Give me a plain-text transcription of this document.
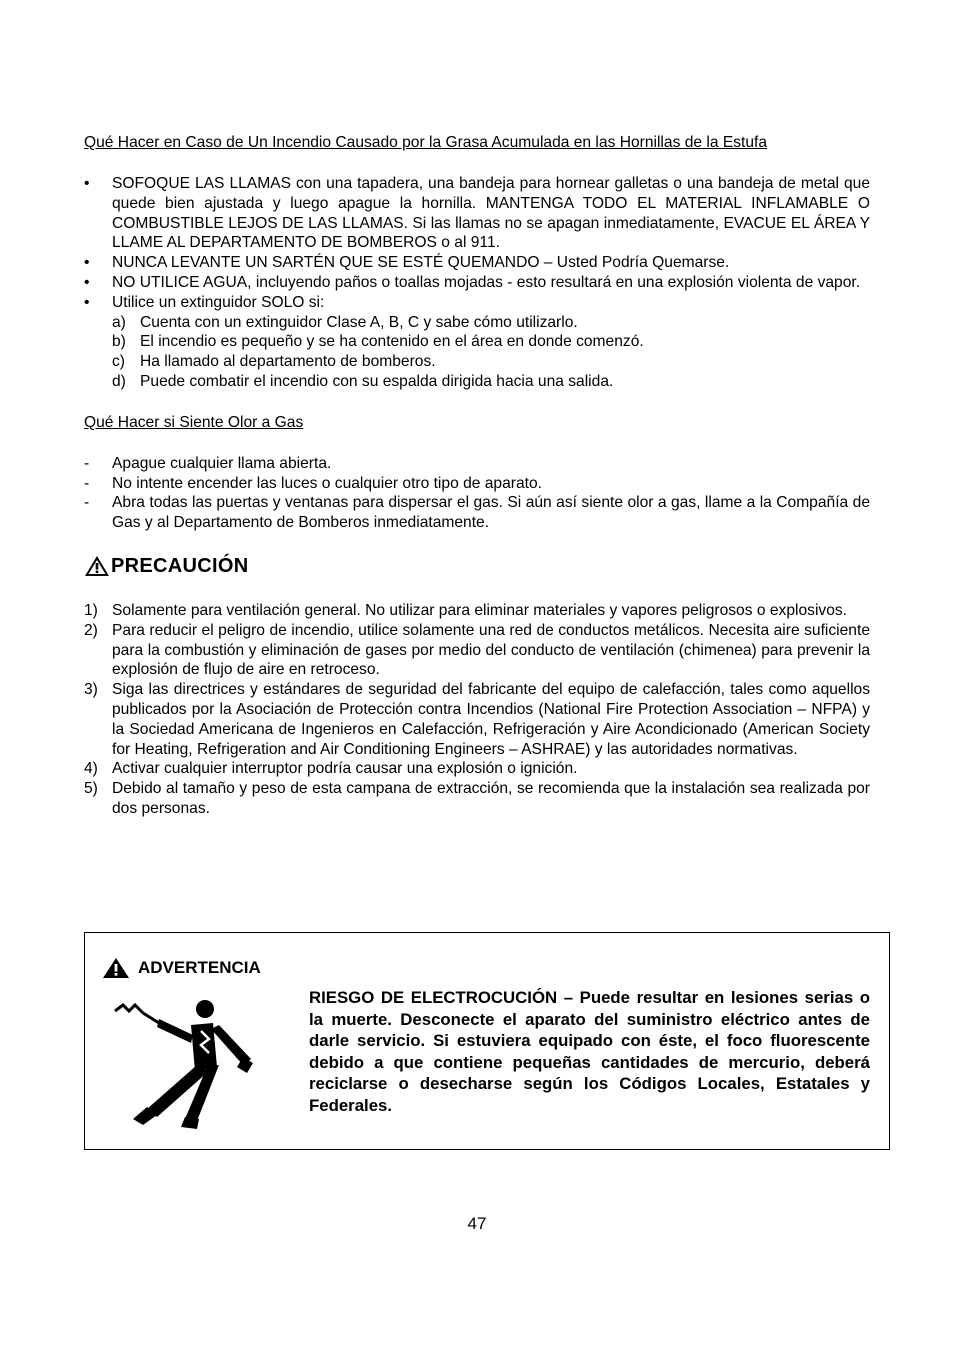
Qué Hacer en Caso de Un Incendio Causado por la Grasa Acumulada en las Hornillas de la Estufa

• SOFOQUE LAS LLAMAS con una tapadera, una bandeja para hornear galletas o una bandeja de metal que quede bien ajustada y luego apague la hornilla. MANTENGA TODO EL MATERIAL INFLAMABLE O COMBUSTIBLE LEJOS DE LAS LLAMAS. Si las llamas no se apagan inmediatamente, EVACUE EL ÁREA Y LLAME AL DEPARTAMENTO DE BOMBEROS o al 911.
• NUNCA LEVANTE UN SARTÉN QUE SE ESTÉ QUEMANDO – Usted Podría Quemarse.
• NO UTILICE AGUA, incluyendo paños o toallas mojadas - esto resultará en una explosión violenta de vapor.
• Utilice un extinguidor SOLO si:
a) Cuenta con un extinguidor Clase A, B, C y sabe cómo utilizarlo.
b) El incendio es pequeño y se ha contenido en el área en donde comenzó.
c) Ha llamado al departamento de bomberos.
d) Puede combatir el incendio con su espalda dirigida hacia una salida.

Qué Hacer si Siente Olor a Gas

- Apague cualquier llama abierta.
- No intente encender las luces o cualquier otro tipo de aparato.
- Abra todas las puertas y ventanas para dispersar el gas. Si aún así siente olor a gas, llame a la Compañía de Gas y al Departamento de Bomberos inmediatamente.
PRECAUCIÓN
1) Solamente para ventilación general. No utilizar para eliminar materiales y vapores peligrosos o explosivos.
2) Para reducir el peligro de incendio, utilice solamente una red de conductos metálicos. Necesita aire suficiente para la combustión y eliminación de gases por medio del conducto de ventilación (chimenea) para prevenir la explosión de flujo de aire en retroceso.
3) Siga las directrices y estándares de seguridad del fabricante del equipo de calefacción, tales como aquellos publicados por la Asociación de Protección contra Incendios (National Fire Protection Association – NFPA) y la Sociedad Americana de Ingenieros en Calefacción, Refrigeración y Aire Acondicionado (American Society for Heating, Refrigeration and Air Conditioning Engineers – ASHRAE) y las autoridades normativas.
4) Activar cualquier interruptor podría causar una explosión o ignición.
5) Debido al tamaño y peso de esta campana de extracción, se recomienda que la instalación sea realizada por dos personas.
ADVERTENCIA
RIESGO DE ELECTROCUCIÓN – Puede resultar en lesiones serias o la muerte. Desconecte el aparato del suministro eléctrico antes de darle servicio. Si estuviera equipado con éste, el foco fluorescente debido a que contiene pequeñas cantidades de mercurio, deberá reciclarse o desecharse según los Códigos Locales, Estatales y Federales.
47
